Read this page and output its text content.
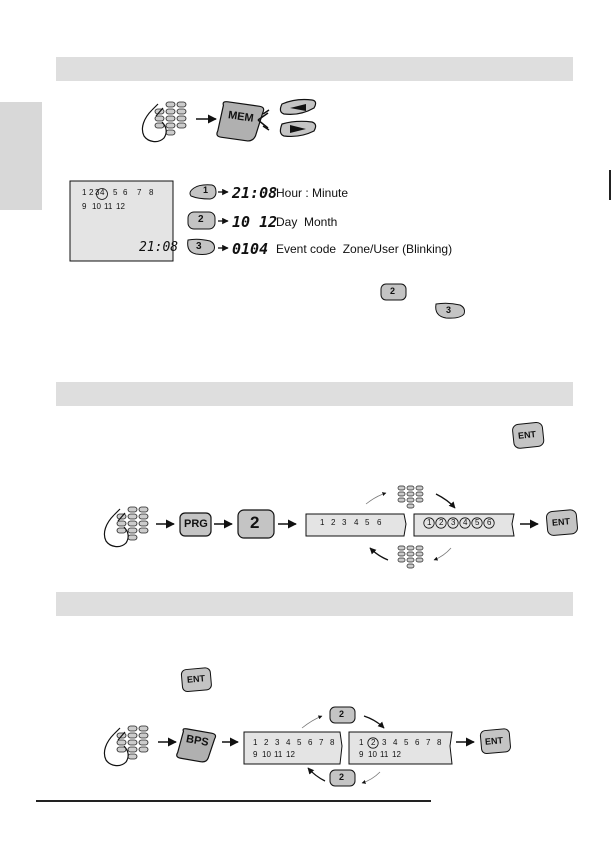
MEM
1 2 3 4 5 6 7 8
9 10 11 12
21:08
1 21:08
Hour : Minute
2 10 12
Day  Month
3 0104 Event code  Zone/User (Blinking)
2
3
ENT
PRG 2	1 2 3 4 5 6	1 2 3 4 5 6	ENT
ENT
BPS	1 2 3 4 5 6 7 8
9 10 11 12
1 2 3 4 5 6 7 8
9 10 11 12
2
2
ENT
